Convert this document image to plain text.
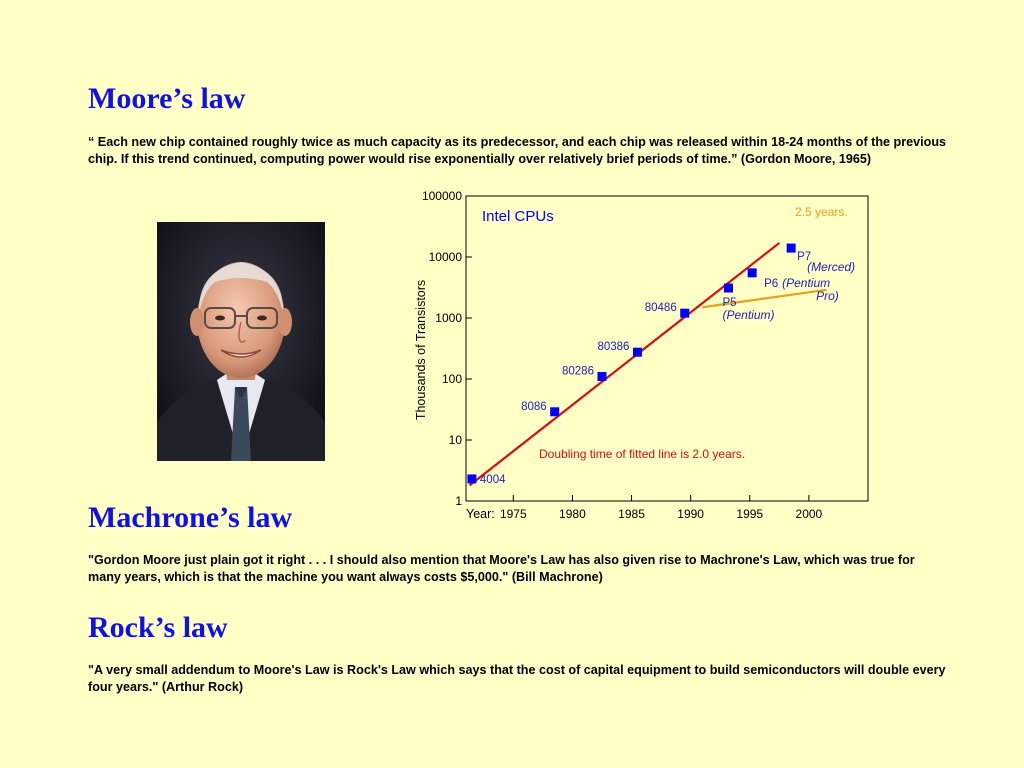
Moore’s law

“ Each new chip contained roughly twice as much capacity as its predecessor, and each chip was released within 18-24 months of the previous chip. If this trend continued, computing power would rise exponentially over relatively brief periods of time.” (Gordon Moore, 1965)

1
10
100
1000
10000
100000
1975	1980	1985	1990	1995	2000
4004
8086
80286
80386
80486	P5
(Pentium)
P6 (Pentium
Pro)
P7
(Merced)
Intel CPUs
Thousands of Transistors
Year:
Doubling time of fitted line is 2.0 years.
2.5 years.
Machrone’s law

"Gordon Moore just plain got it right . . . I should also mention that Moore's Law has also given rise to Machrone's Law, which was true for many years, which is that the machine you want always costs $5,000." (Bill Machrone)

Rock’s law

"A very small addendum to Moore's Law is Rock's Law which says that the cost of capital equipment to build semiconductors will double every four years." (Arthur Rock)
